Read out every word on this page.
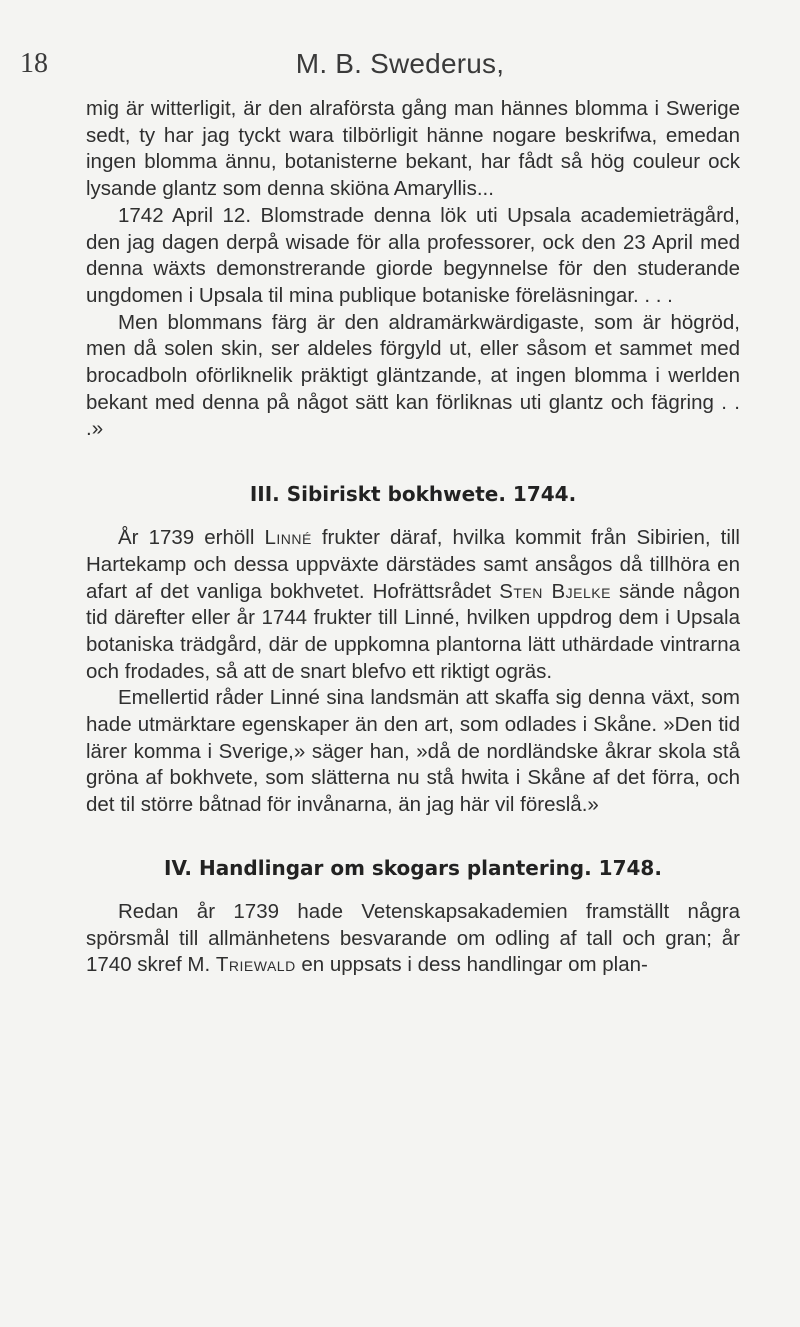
18	M. B. Swederus,

mig är witterligit, är den alraförsta gång man hännes blomma i Swerige sedt, ty har jag tyckt wara tilbörligit hänne nogare beskrifwa, emedan ingen blomma ännu, botanisterne bekant, har fådt så hög couleur ock lysande glantz som denna skiöna Amaryllis...

1742 April 12. Blomstrade denna lök uti Upsala academieträgård, den jag dagen derpå wisade för alla professorer, ock den 23 April med denna wäxts demonstrerande giorde begynnelse för den studerande ungdomen i Upsala til mina publique botaniske föreläsningar. . . .

Men blommans färg är den aldramärkwärdigaste, som är högröd, men då solen skin, ser aldeles förgyld ut, eller såsom et sammet med brocadboln oförliknelik präktigt gläntzande, at ingen blomma i werlden bekant med denna på något sätt kan förliknas uti glantz och fägring . . .»

III. Sibiriskt bokhwete. 1744.

År 1739 erhöll Linné frukter däraf, hvilka kommit från Sibirien, till Hartekamp och dessa uppväxte därstädes samt ansågos då tillhöra en afart af det vanliga bokhvetet. Hofrättsrådet Sten Bjelke sände någon tid därefter eller år 1744 frukter till Linné, hvilken uppdrog dem i Upsala botaniska trädgård, där de uppkomna plantorna lätt uthärdade vintrarna och frodades, så att de snart blefvo ett riktigt ogräs.

Emellertid råder Linné sina landsmän att skaffa sig denna växt, som hade utmärktare egenskaper än den art, som odlades i Skåne. »Den tid lärer komma i Sverige,» säger han, »då de nordländske åkrar skola stå gröna af bokhvete, som slätterna nu stå hwita i Skåne af det förra, och det til större båtnad för invånarna, än jag här vil föreslå.»

IV. Handlingar om skogars plantering. 1748.

Redan år 1739 hade Vetenskapsakademien framställt några spörsmål till allmänhetens besvarande om odling af tall och gran; år 1740 skref M. Triewald en uppsats i dess handlingar om plan-
